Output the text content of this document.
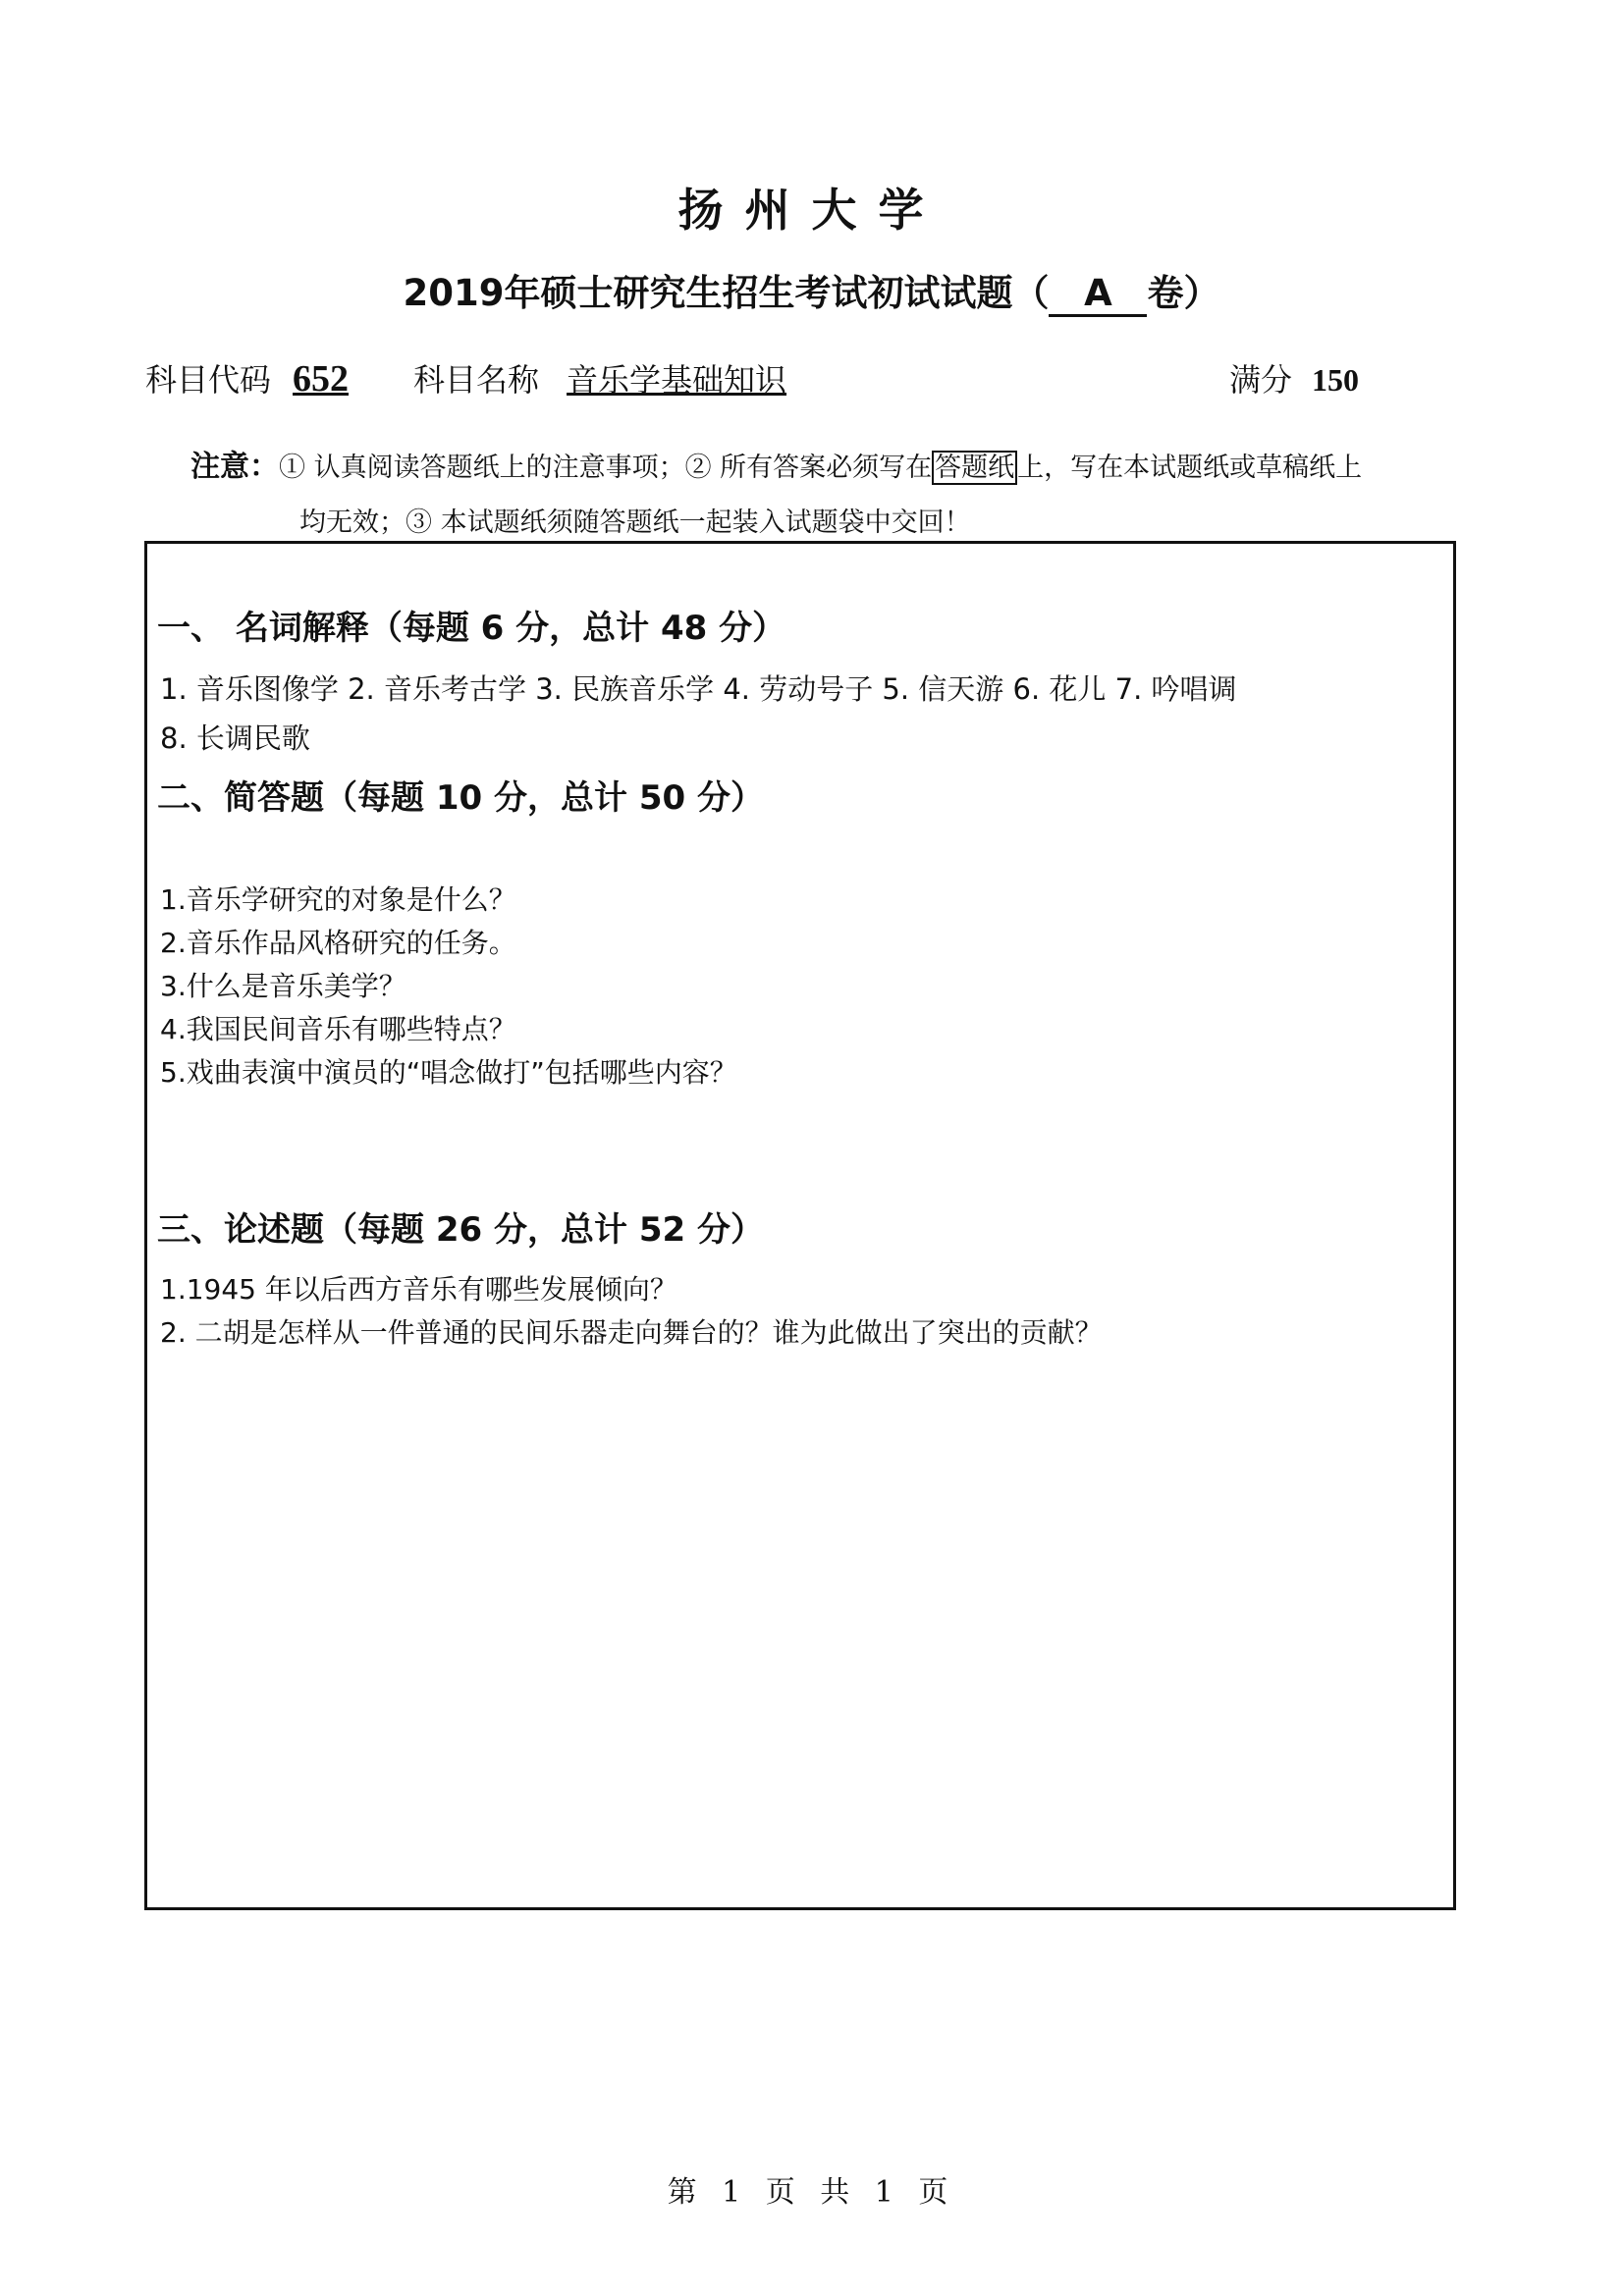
扬州大学
2019年硕士研究生招生考试初试试题（ A 卷）
科目代码 652 科目名称 音乐学基础知识	满分 150
注意：① 认真阅读答题纸上的注意事项；② 所有答案必须写在 答题纸 上，写在本试题纸或草稿纸上
均无效；③ 本试题纸须随答题纸一起装入试题袋中交回！
一、 名词解释（每题 6 分，总计 48 分）
1. 音乐图像学 2. 音乐考古学 3. 民族音乐学 4. 劳动号子 5. 信天游 6. 花儿 7. 吟唱调
8. 长调民歌
二、简答题（每题 10 分，总计 50 分）
1.音乐学研究的对象是什么？
2.音乐作品风格研究的任务。
3.什么是音乐美学？
4.我国民间音乐有哪些特点？
5.戏曲表演中演员的“唱念做打”包括哪些内容？
三、论述题（每题 26 分，总计 52 分）
1.1945 年以后西方音乐有哪些发展倾向？
2. 二胡是怎样从一件普通的民间乐器走向舞台的？谁为此做出了突出的贡献？
第 1 页 共 1 页
